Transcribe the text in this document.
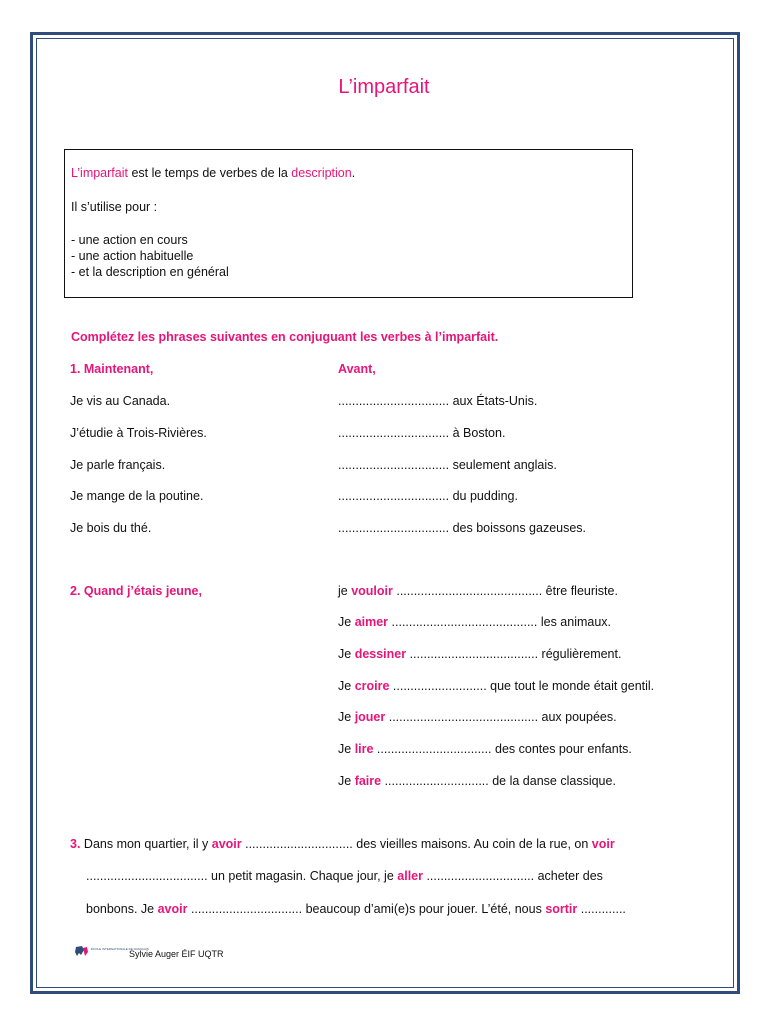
L’imparfait
L’imparfait est le temps de verbes de la description.
Il s’utilise pour :
- une action en cours
- une action habituelle
- et la description en général
Complétez les phrases suivantes en conjuguant les verbes à l’imparfait.
1. Maintenant,	Avant,
Je vis au Canada.	................................ aux États-Unis.
J’étudie à Trois-Rivières.	................................ à Boston.
Je parle français.	................................ seulement anglais.
Je mange de la poutine.	................................ du pudding.
Je bois du thé.	................................ des boissons gazeuses.
2. Quand j’étais jeune,	je vouloir .......................................... être fleuriste.
Je aimer .......................................... les animaux.
Je dessiner ..................................... régulièrement.
Je croire ........................... que tout le monde était gentil.
Je jouer ........................................... aux poupées.
Je lire ................................. des contes pour enfants.
Je faire .............................. de la danse classique.
3. Dans mon quartier, il y avoir ............................... des vieilles maisons. Au coin de la rue, on voir
................................... un petit magasin. Chaque jour, je aller ............................... acheter des
bonbons. Je avoir ................................ beaucoup d’ami(e)s pour jouer. L’été, nous sortir .............
ÉCOLE INTERNATIONALE DE FRANÇAIS
Sylvie Auger ÉIF UQTR
